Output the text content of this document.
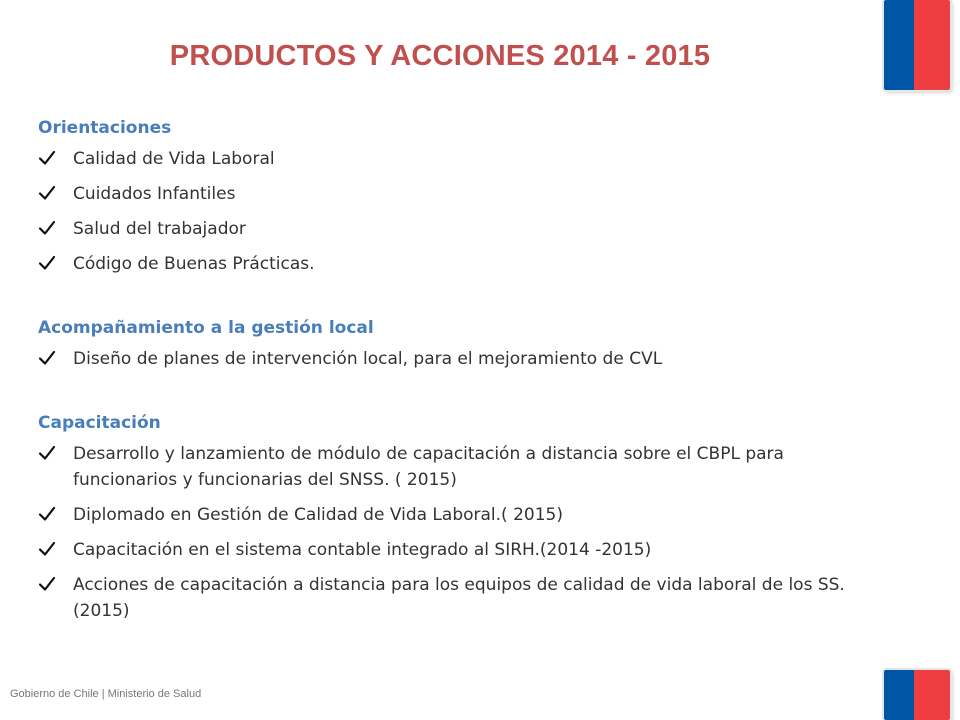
PRODUCTOS Y ACCIONES 2014 - 2015
Orientaciones
Calidad de Vida Laboral
Cuidados Infantiles
Salud del trabajador
Código de Buenas Prácticas.
Acompañamiento a la gestión local
Diseño de planes de intervención local, para el mejoramiento de CVL
Capacitación
Desarrollo y lanzamiento de módulo de capacitación a distancia sobre el CBPL para funcionarios y funcionarias del SNSS. ( 2015)
Diplomado en Gestión de Calidad de Vida Laboral.( 2015)
Capacitación en el sistema contable integrado al SIRH.(2014 -2015)
Acciones de capacitación a distancia para los equipos de calidad de vida laboral de los SS.(2015)
Gobierno de Chile | Ministerio de Salud
